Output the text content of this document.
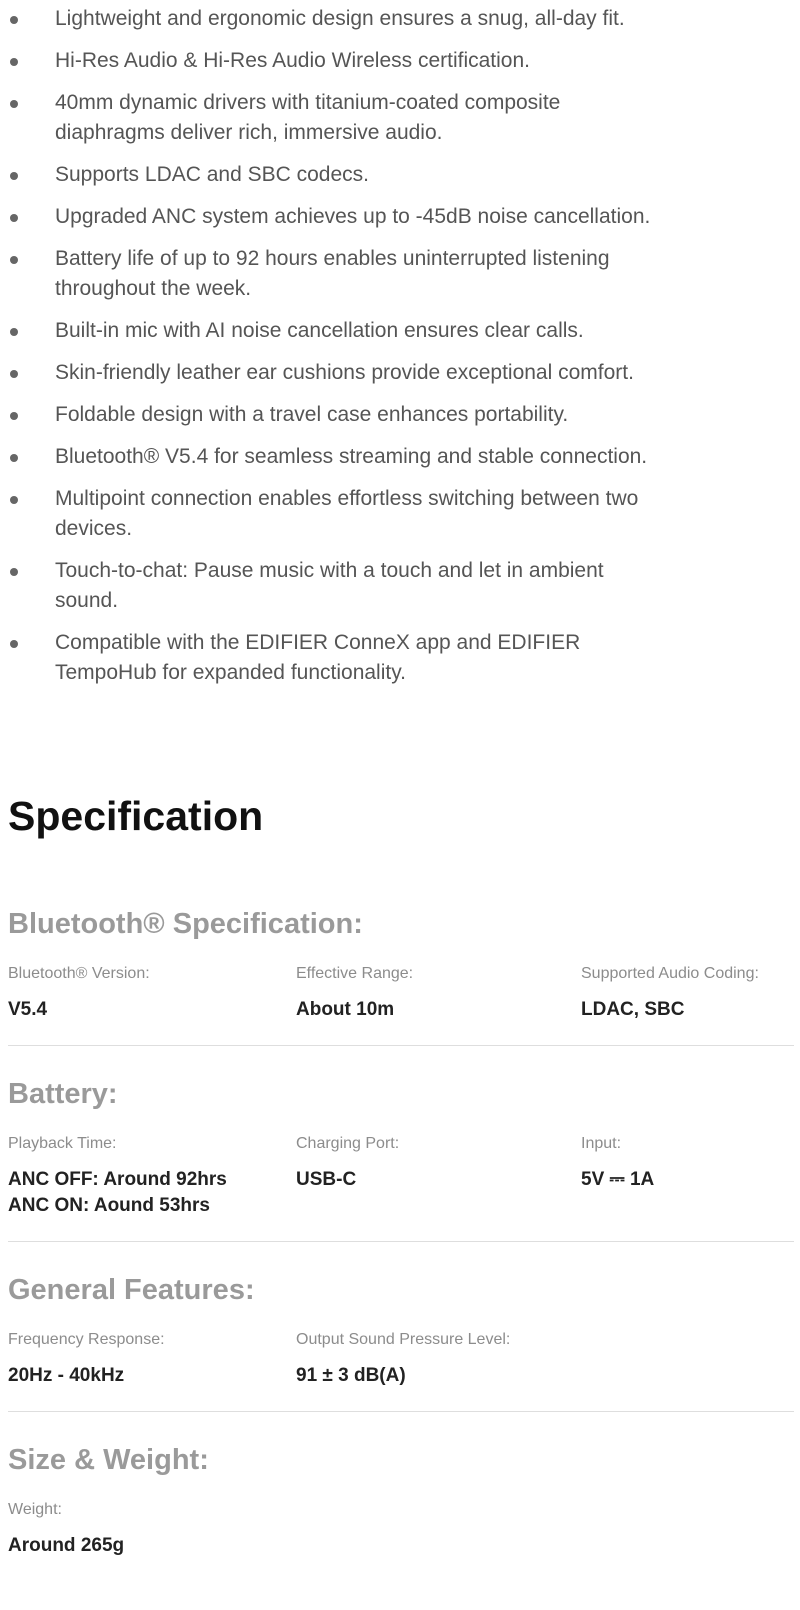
Lightweight and ergonomic design ensures a snug, all-day fit.
Hi-Res Audio & Hi-Res Audio Wireless certification.
40mm dynamic drivers with titanium-coated composite diaphragms deliver rich, immersive audio.
Supports LDAC and SBC codecs.
Upgraded ANC system achieves up to -45dB noise cancellation.
Battery life of up to 92 hours enables uninterrupted listening throughout the week.
Built-in mic with AI noise cancellation ensures clear calls.
Skin-friendly leather ear cushions provide exceptional comfort.
Foldable design with a travel case enhances portability.
Bluetooth® V5.4 for seamless streaming and stable connection.
Multipoint connection enables effortless switching between two devices.
Touch-to-chat: Pause music with a touch and let in ambient sound.
Compatible with the EDIFIER ConneX app and EDIFIER TempoHub for expanded functionality.
Specification
Bluetooth® Specification:
Bluetooth® Version:
V5.4
Effective Range:
About 10m
Supported Audio Coding:
LDAC, SBC
Battery:
Playback Time:
ANC OFF: Around 92hrs
ANC ON: Aound 53hrs
Charging Port:
USB-C
Input:
5V ⎓ 1A
General Features:
Frequency Response:
20Hz - 40kHz
Output Sound Pressure Level:
91 ± 3 dB(A)
Size & Weight:
Weight:
Around 265g
